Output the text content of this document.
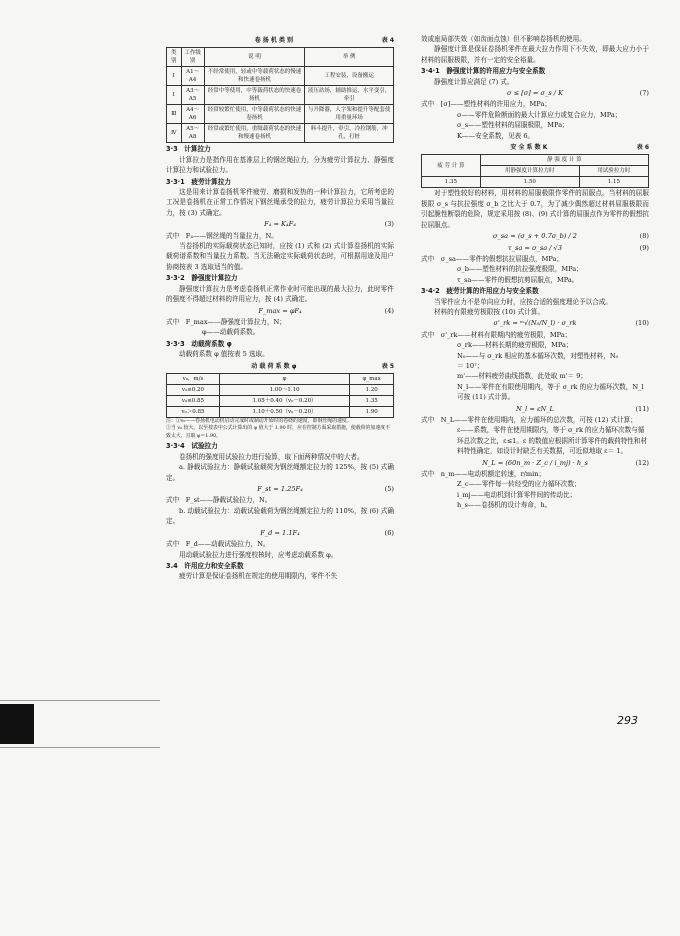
卷 扬 机 类 别	表 4
类别	工作级别	说 明	举 例
I	A1～A4	不经常使用，轻或中等载荷状态的慢速和快速卷扬机	工程安装，设备搬运
I	A3～A5	经常中等使用，中等载荷状态的快速卷扬机	液压站场，辅助推运，水平变引，牵引
Ⅲ	A4～A6	经常较繁忙使用，中等载荷状态的快速卷扬机	与升降器，人字架和提升等配套使用重量环场
Ⅳ	A5～A8	经常或繁忙使用，重级载荷状态的快速和慢速卷扬机	料斗提升，牵引，冷拉钢筋，冲孔，打桩

3·3　计算拉力

计算拉力是指作用在基准层上的钢丝绳拉力，分为疲劳计算拉力、静强度计算拉力和试验拉力。

3·3·1　疲劳计算拉力

这是用来计算卷扬机零件疲劳、磨损和发热的一种计算拉力，它所考虑的工况是卷扬机在正常工作情况下钢丝绳承受的拉力，疲劳计算拉力采用当量拉力，按 (3) 式确定。

F₄ = K₄F₄	(3)

式中　F₄——钢丝绳的当量拉力，N。

当卷扬机的实际载荷状态已知时，应按 (1) 式和 (2) 式计算卷扬机的实际载荷谱系数和当量拉力系数。当无法确定实际载荷状态时，可根据用途及用户协商按表 3 选取适当的值。

3·3·2　静强度计算拉力

静强度计算拉力是考虑卷扬机正常作业时可能出现的最大拉力，此时零件的强度不得超过材料的许用应力，按 (4) 式确定。

F_max = φF₄	(4)

式中　F_max——静强度计算拉力，N；

φ——动载荷系数。

3·3·3　动载荷系数 φ

动载荷系数 φ 值按表 5 选取。

动 载 荷 系 数 φ	表 5
v₀，m/s	φ	φ_max
v₀≤0.20	1.00～1.10	1.20
v₀≤0.85	1.05＋0.40（v₀－0.20）	1.35
v₀＞0.85	1.10＋0.50（v₀－0.20）	1.90
注：①v₀——卷扬机电动机启动完成时或制动开始时的卷绕的速度，即钢丝绳的速度。
②当 v₀ 较大，以至按表中公式计算出的 φ 值大于 1.90 时，应在控制方面采取措施，使载荷的加速度不致太大，且取 φ＝1.90。

3·3·4　试验拉力

卷扬机的强度用试验拉力进行验算，取下面两种情况中的大者。

a. 静载试验拉力：静载试验载荷为钢丝绳额定拉力的 125%，按 (5) 式确定。

F_st = 1.25F₄	(5)

式中　F_st——静载试验拉力，N。

b. 动载试验拉力：动载试验载荷为钢丝绳额定拉力的 110%，按 (6) 式确定。

F_d = 1.1F₄	(6)

式中　F_d——动载试验拉力，N。

用动载试验拉力进行强度校核时，应考虑动载系数 φ。

3.4　许用应力和安全系数

疲劳计算是保证卷扬机在规定的使用期限内，零件不失

效或座局部失效（如齿面点蚀）但不影响卷扬机的使用。

静强度计算是保证卷扬机零件在最大拉力作用下不失效，即最大应力小于材料的屈服极限，并有一定的安全裕量。

3·4·1　静强度计算的许用应力与安全系数

静强度计算应满足 (7) 式。

σ ≤ [σ] = σ_s / K	(7)

式中　[σ]——塑性材料的许用应力，MPa；

σ——零件危险断面的最大计算应力或复合应力，MPa；

σ_s——塑性材料的屈服极限，MPa；

K——安全系数，见表 6。

安 全 系 数 K	表 6
疲 劳 计 算	静 强 度 计 算	
	用静强度计算拉力时	用试验拉力时
1.35	1.50	1.15

对于塑性较好的材料，用材料的屈服极限作零件的屈服点。当材料的屈服极限 σ_s 与抗拉强度 σ_b 之比大于 0.7，为了减少偶然超过材料屈服极限而引起脆性断裂的危险，规定采用按 (8)、(9) 式计算的屈服点作为零件的假想抗拉屈服点。

σ_sa = (σ_s + 0.7σ_b) / 2	(8)
τ_sa = σ_sa / √3	(9)

式中　σ_sa——零件的假想抗拉屈服点，MPa；

σ_b——塑性材料的抗拉强度极限，MPa；

τ_sa——零件的假想抗剪屈服点，MPa。

3·4·2　疲劳计算的许用应力与安全系数

当零件应力不是单向应力时，应按合适的强度理论予以合成。

材料的有限疲劳极限按 (10) 式计算。

σ'_rk = ᵐ√(N₀/N_l) · σ_rk	(10)

式中　σ'_rk——材料有限期内的疲劳极限，MPa；

σ_rk——材料长期的疲劳极限，MPa；

N₀——与 σ_rk 相应的基本循环次数，对塑性材料，N₀

＝ 10⁷；

m'——材料疲劳曲线指数，此处取 m'＝ 9；

N_l——零件在有限使用期内，等于 σ_rk 的应力循环次数，N_l 可按 (11) 式计算。

N_l = εN_L	(11)

式中　N_L——零件在使用期内，应力循环的总次数，可按 (12) 式计算；

ε——系数，零件在使用期限内，等于 σ_rk 的应力循环次数与循环总次数之比，ε≤1。ε 的数值应根据所计算零件的载荷特性和材料特性确定，如设计时缺乏有关数据，可近似地取 ε＝ 1。

N_L = (60n_m · Z_c / i_mj) · h_s	(12)

式中　n_m——电动机额定转速，r/min；

Z_c——零件每一转经受的应力循环次数；

i_mj——电动机到计算零件间的传动比；

h_s——卷扬机的设计寿命，h。

293
